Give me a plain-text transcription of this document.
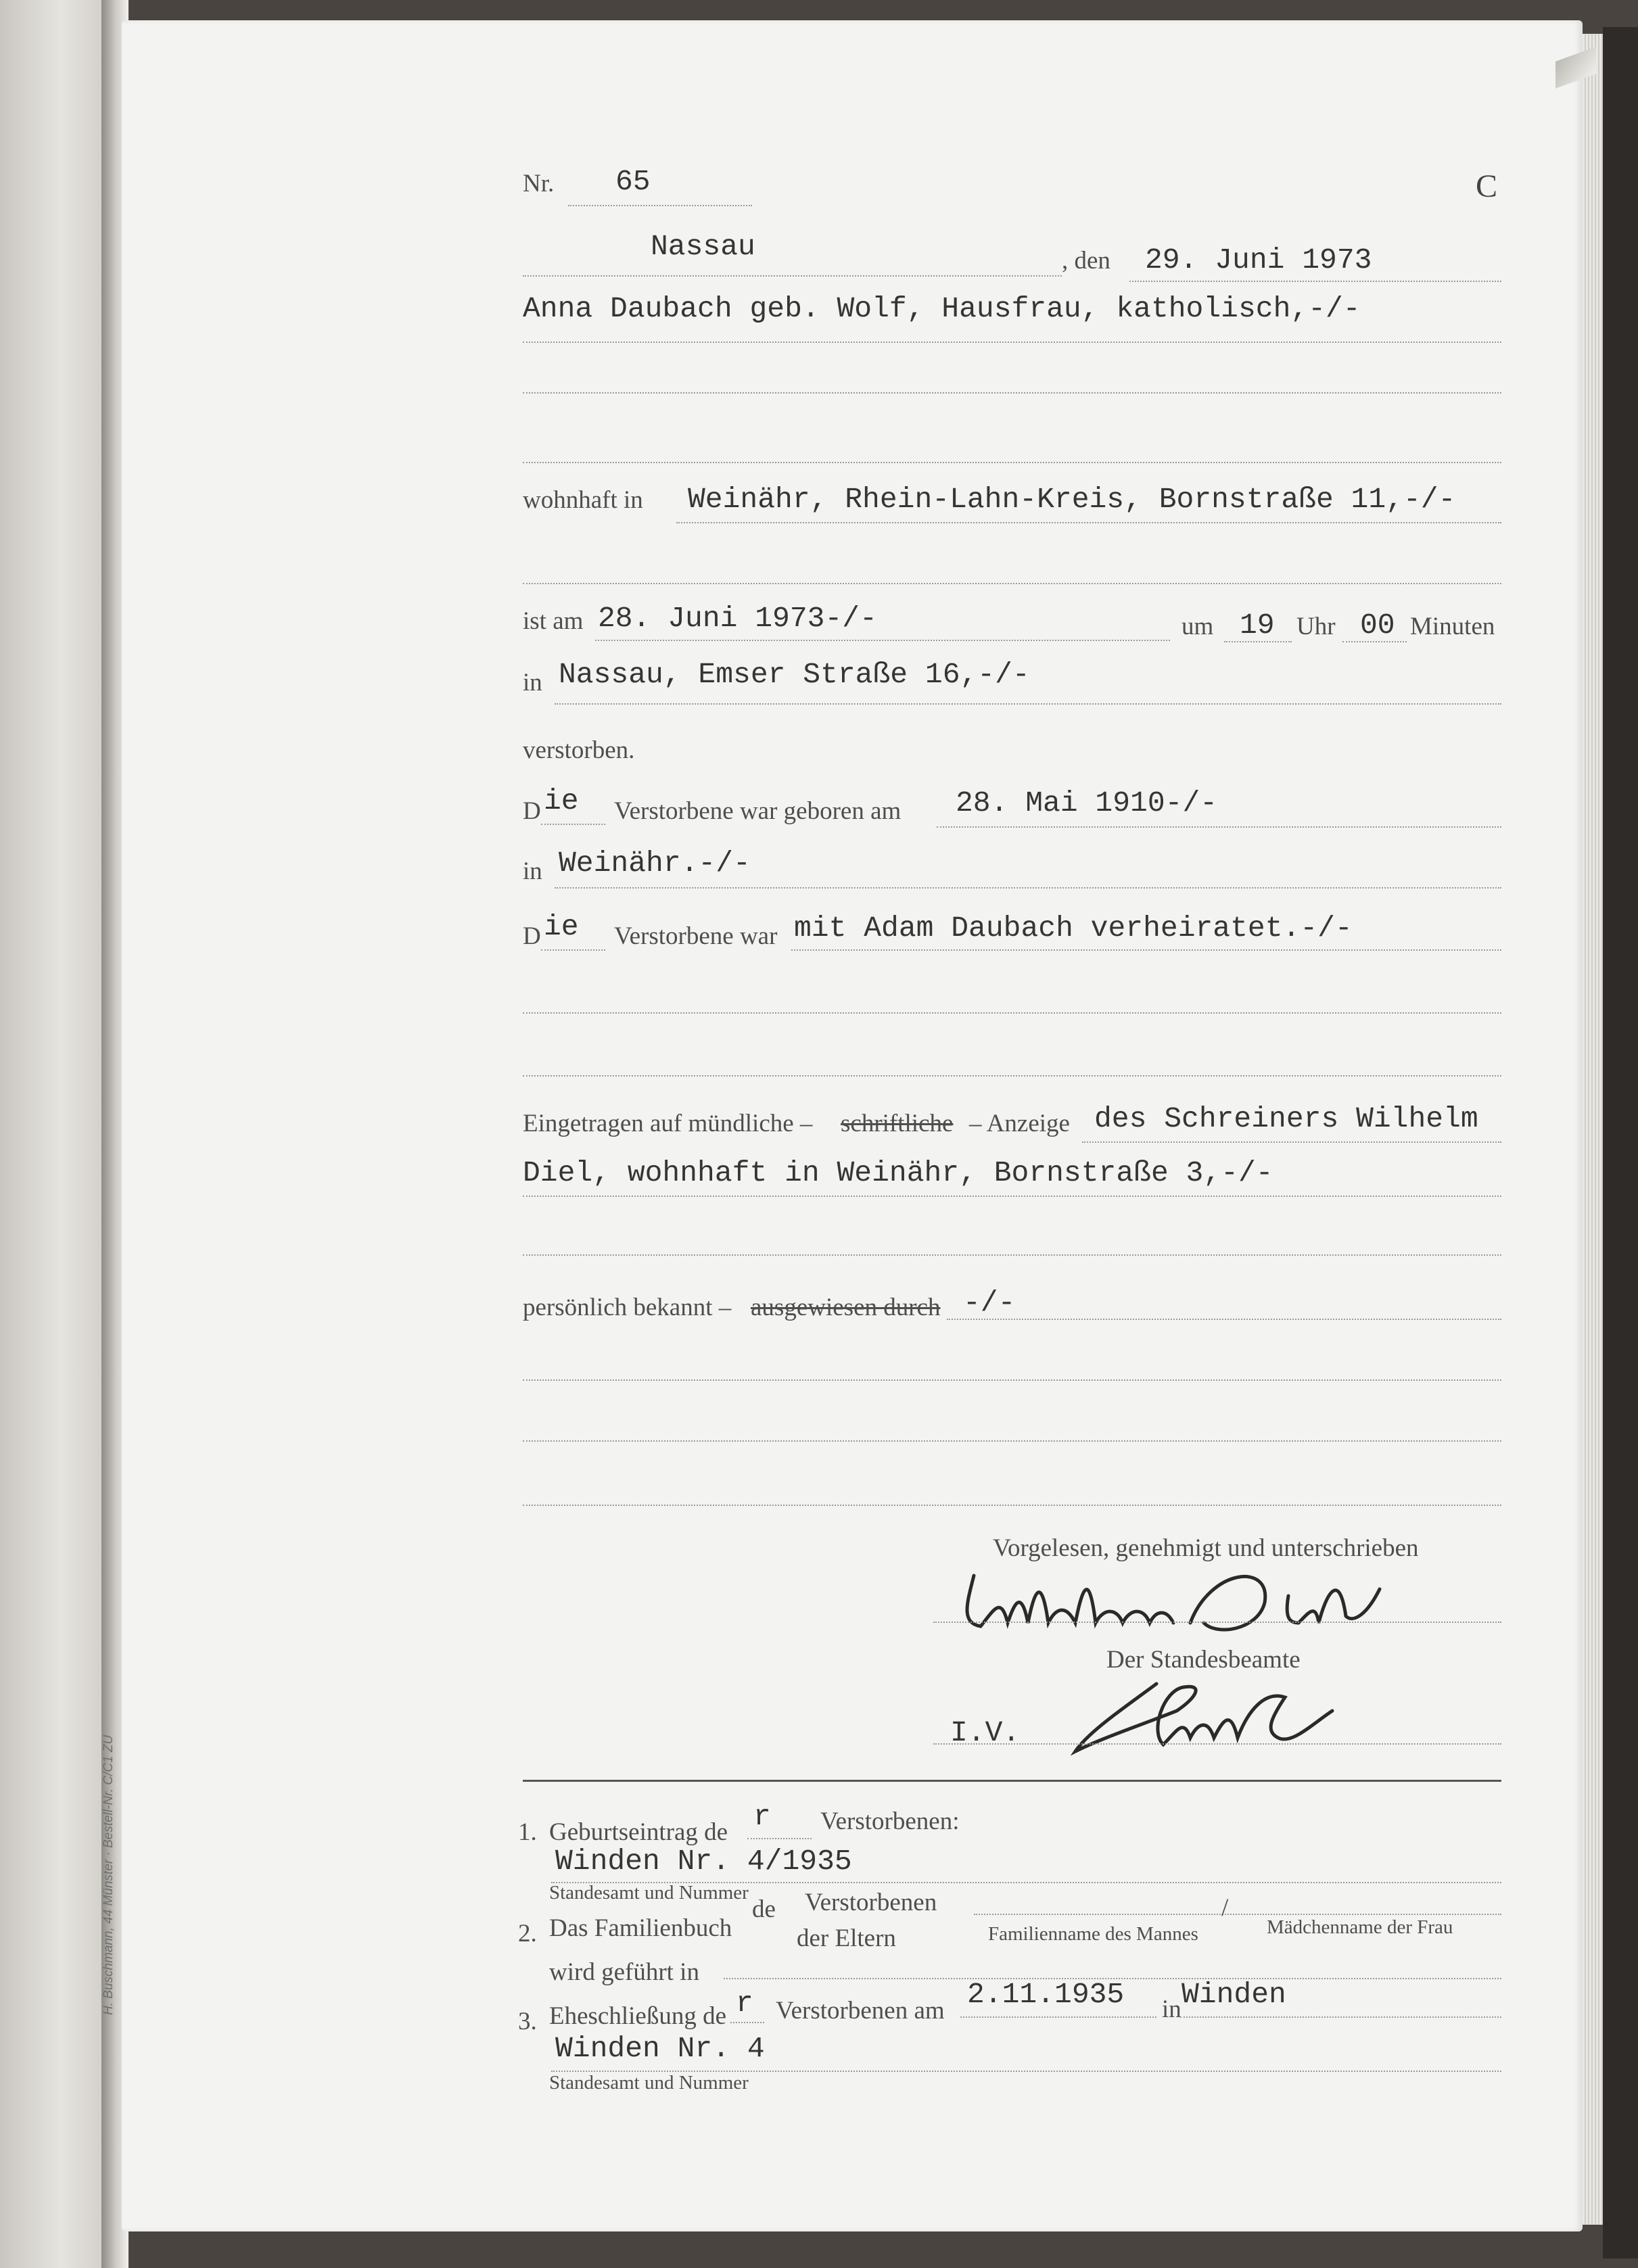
H. Buschmann, 44 Münster · Bestell-Nr. C/C1 ZU
Nr. 65	C
Nassau	, den 29. Juni 1973
Anna Daubach geb. Wolf, Hausfrau, katholisch,-/-
wohnhaft in Weinähr, Rhein-Lahn-Kreis, Bornstraße 11,-/-
ist am 28. Juni 1973-/-	um 19 Uhr 00 Minuten
in Nassau, Emser Straße 16,-/-
verstorben.
D ie Verstorbene war geboren am 28. Mai 1910-/-
in Weinähr.-/-
D ie Verstorbene war mit Adam Daubach verheiratet.-/-
Eingetragen auf mündliche – schriftliche – Anzeige des Schreiners Wilhelm
Diel, wohnhaft in Weinähr, Bornstraße 3,-/-
persönlich bekannt – ausgewiesen durch -/-
Vorgelesen, genehmigt und unterschrieben
Wilhelm Diel
Der Standesbeamte
I.V.
1. Geburtseintrag de r Verstorbenen:
Winden Nr. 4/1935
Standesamt und Nummer
2. Das Familienbuch
de Verstorbenen
der Eltern	Familienname des Mannes
/
Mädchenname der Frau
wird geführt in
3. Eheschließung de r Verstorbenen am 2.11.1935 in Winden
Winden Nr. 4
Standesamt und Nummer
